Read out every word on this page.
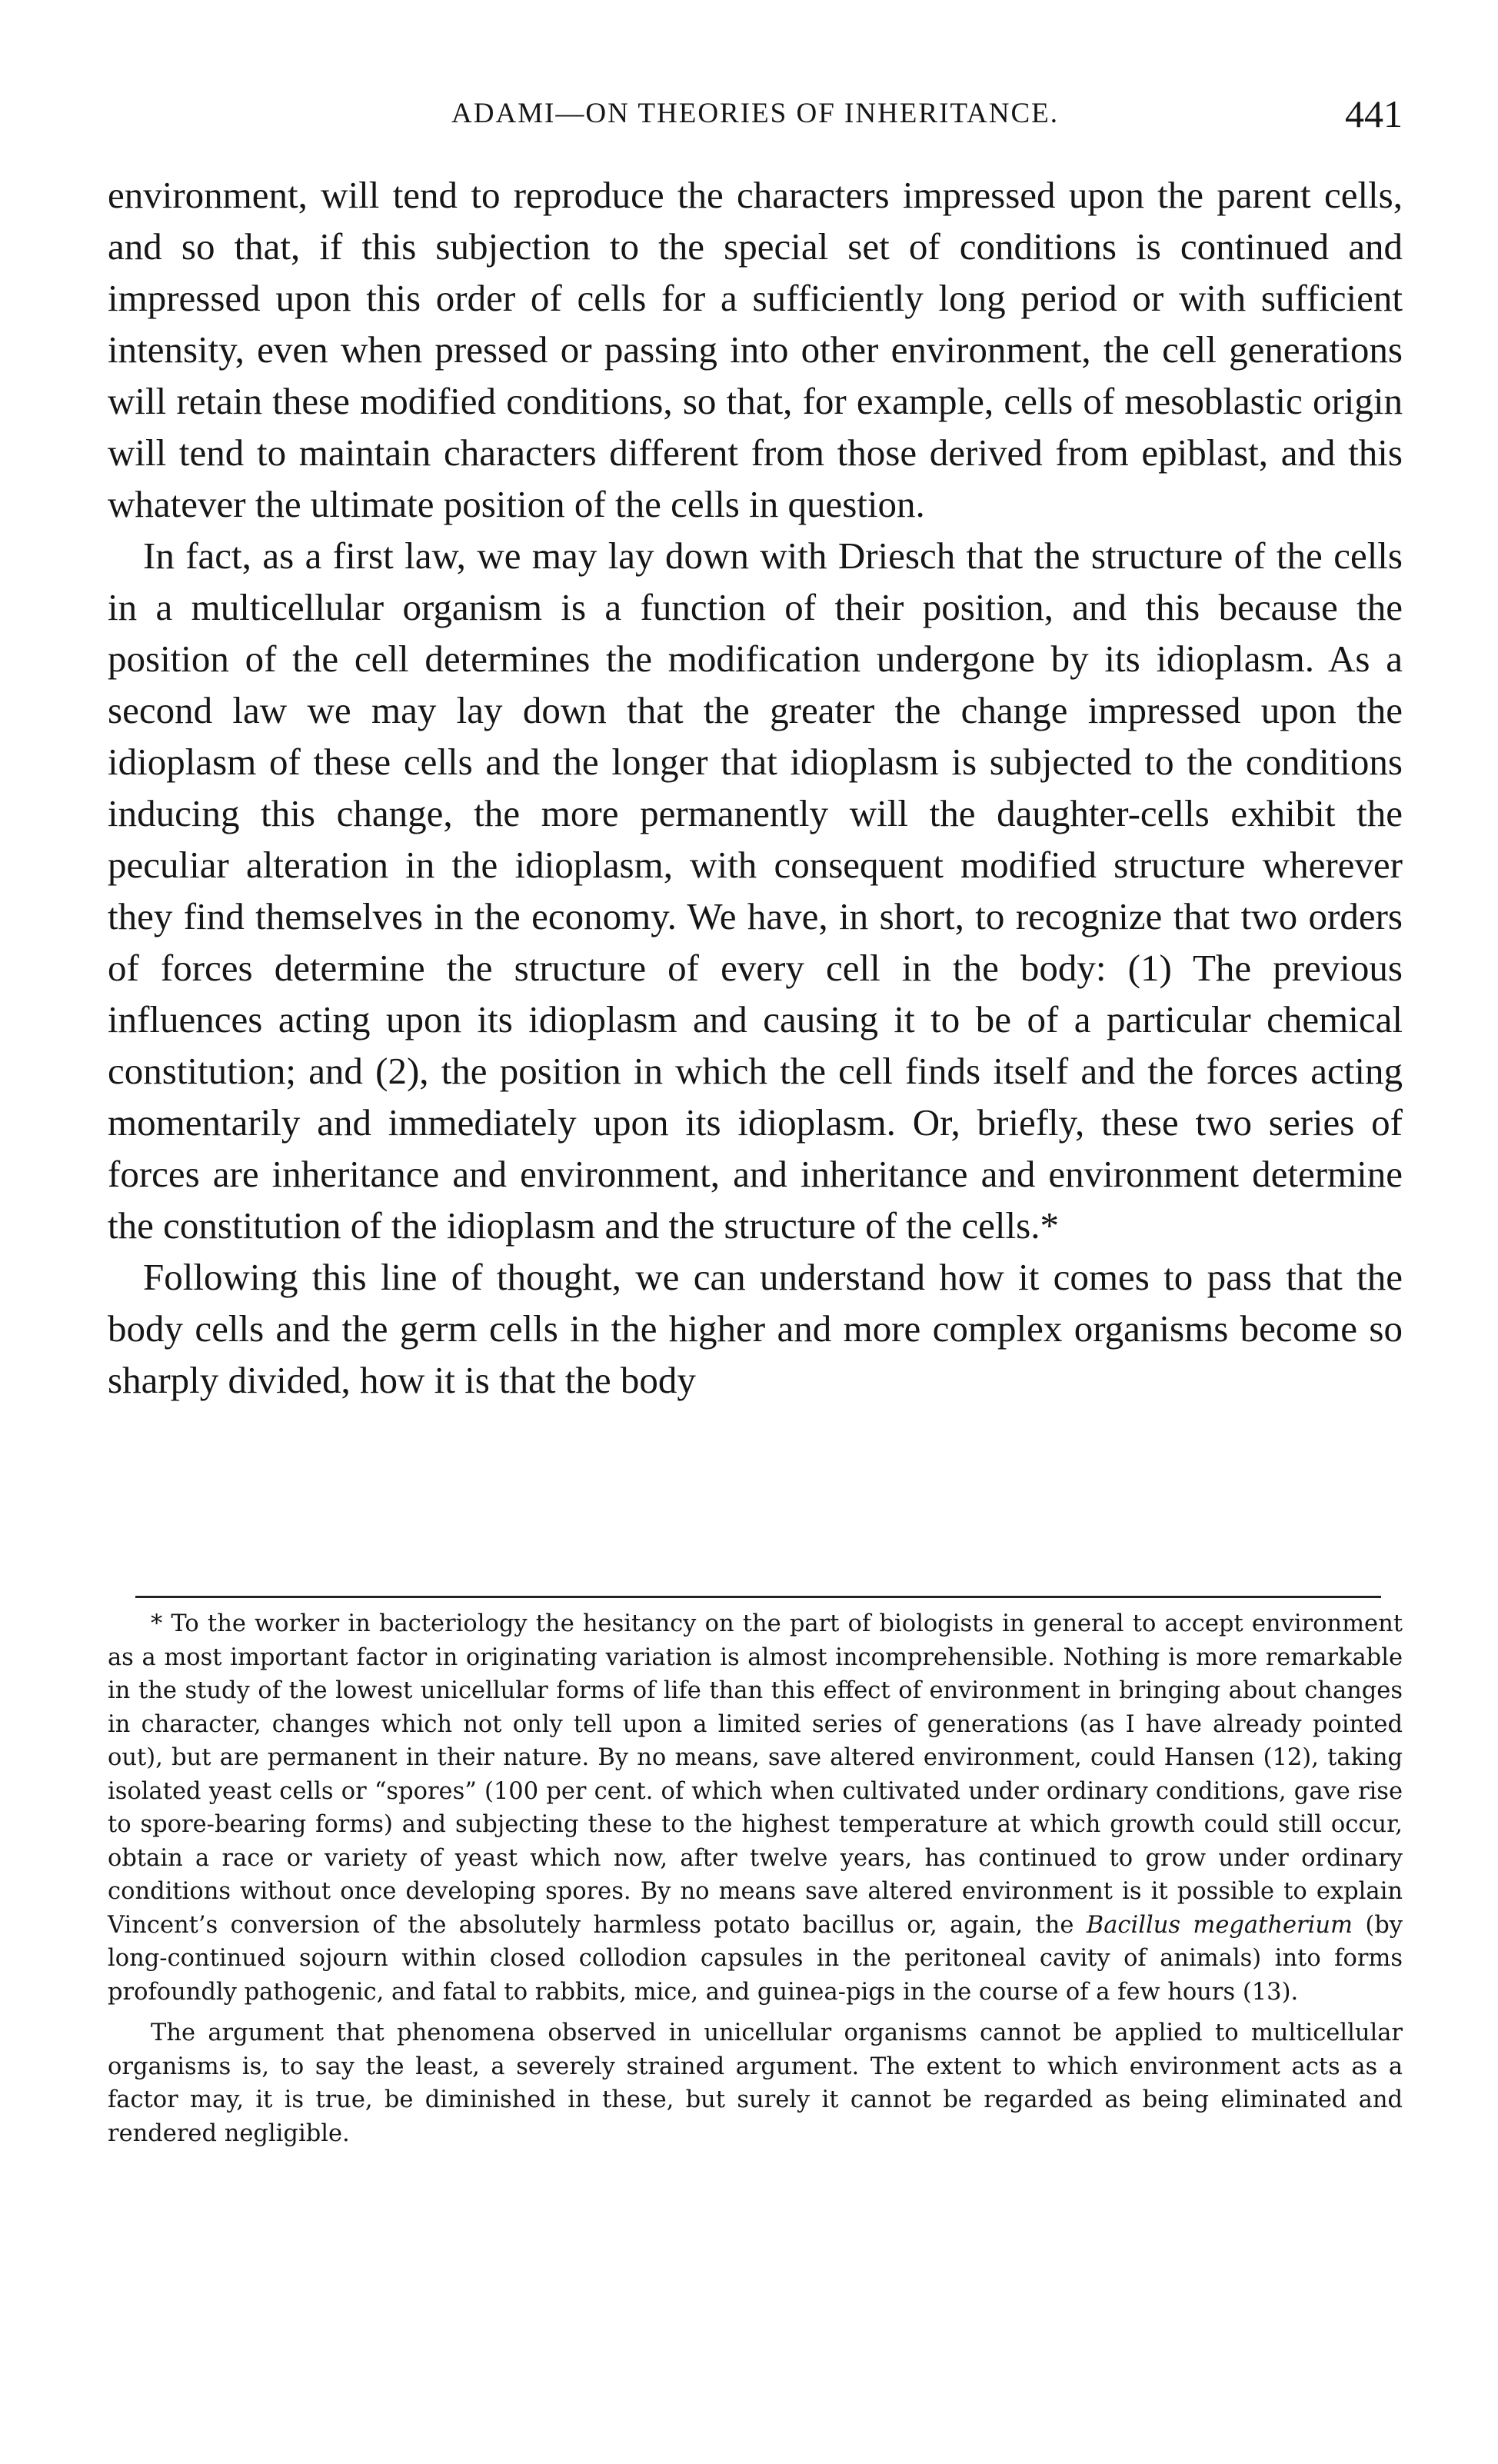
ADAMI—ON THEORIES OF INHERITANCE.	441

environment, will tend to reproduce the characters impressed upon the parent cells, and so that, if this subjection to the special set of conditions is continued and impressed upon this order of cells for a sufficiently long period or with sufficient intensity, even when pressed or passing into other environment, the cell generations will retain these modified conditions, so that, for example, cells of mesoblastic origin will tend to maintain characters different from those derived from epiblast, and this whatever the ultimate position of the cells in question.

In fact, as a first law, we may lay down with Driesch that the structure of the cells in a multicellular organism is a function of their position, and this because the position of the cell determines the modification undergone by its idioplasm. As a second law we may lay down that the greater the change impressed upon the idioplasm of these cells and the longer that idioplasm is subjected to the conditions inducing this change, the more permanently will the daughter-cells exhibit the peculiar alteration in the idioplasm, with consequent modified structure wherever they find themselves in the economy. We have, in short, to recognize that two orders of forces determine the structure of every cell in the body: (1) The previous influences acting upon its idioplasm and causing it to be of a particular chemical constitution; and (2), the position in which the cell finds itself and the forces acting momentarily and immediately upon its idioplasm. Or, briefly, these two series of forces are inheritance and environment, and inheritance and environment determine the constitution of the idioplasm and the structure of the cells.*

Following this line of thought, we can understand how it comes to pass that the body cells and the germ cells in the higher and more complex organisms become so sharply divided, how it is that the body

* To the worker in bacteriology the hesitancy on the part of biologists in general to accept environment as a most important factor in originating variation is almost incomprehensible. Nothing is more remarkable in the study of the lowest unicellular forms of life than this effect of environment in bringing about changes in character, changes which not only tell upon a limited series of generations (as I have already pointed out), but are permanent in their nature. By no means, save altered environment, could Hansen (12), taking isolated yeast cells or “spores” (100 per cent. of which when cultivated under ordinary conditions, gave rise to spore-bearing forms) and subjecting these to the highest temperature at which growth could still occur, obtain a race or variety of yeast which now, after twelve years, has continued to grow under ordinary conditions without once developing spores. By no means save altered environment is it possible to explain Vincent’s conversion of the absolutely harmless potato bacillus or, again, the Bacillus megatherium (by long-continued sojourn within closed collodion capsules in the peritoneal cavity of animals) into forms profoundly pathogenic, and fatal to rabbits, mice, and guinea-pigs in the course of a few hours (13).

The argument that phenomena observed in unicellular organisms cannot be applied to multicellular organisms is, to say the least, a severely strained argument. The extent to which environment acts as a factor may, it is true, be diminished in these, but surely it cannot be regarded as being eliminated and rendered negligible.
